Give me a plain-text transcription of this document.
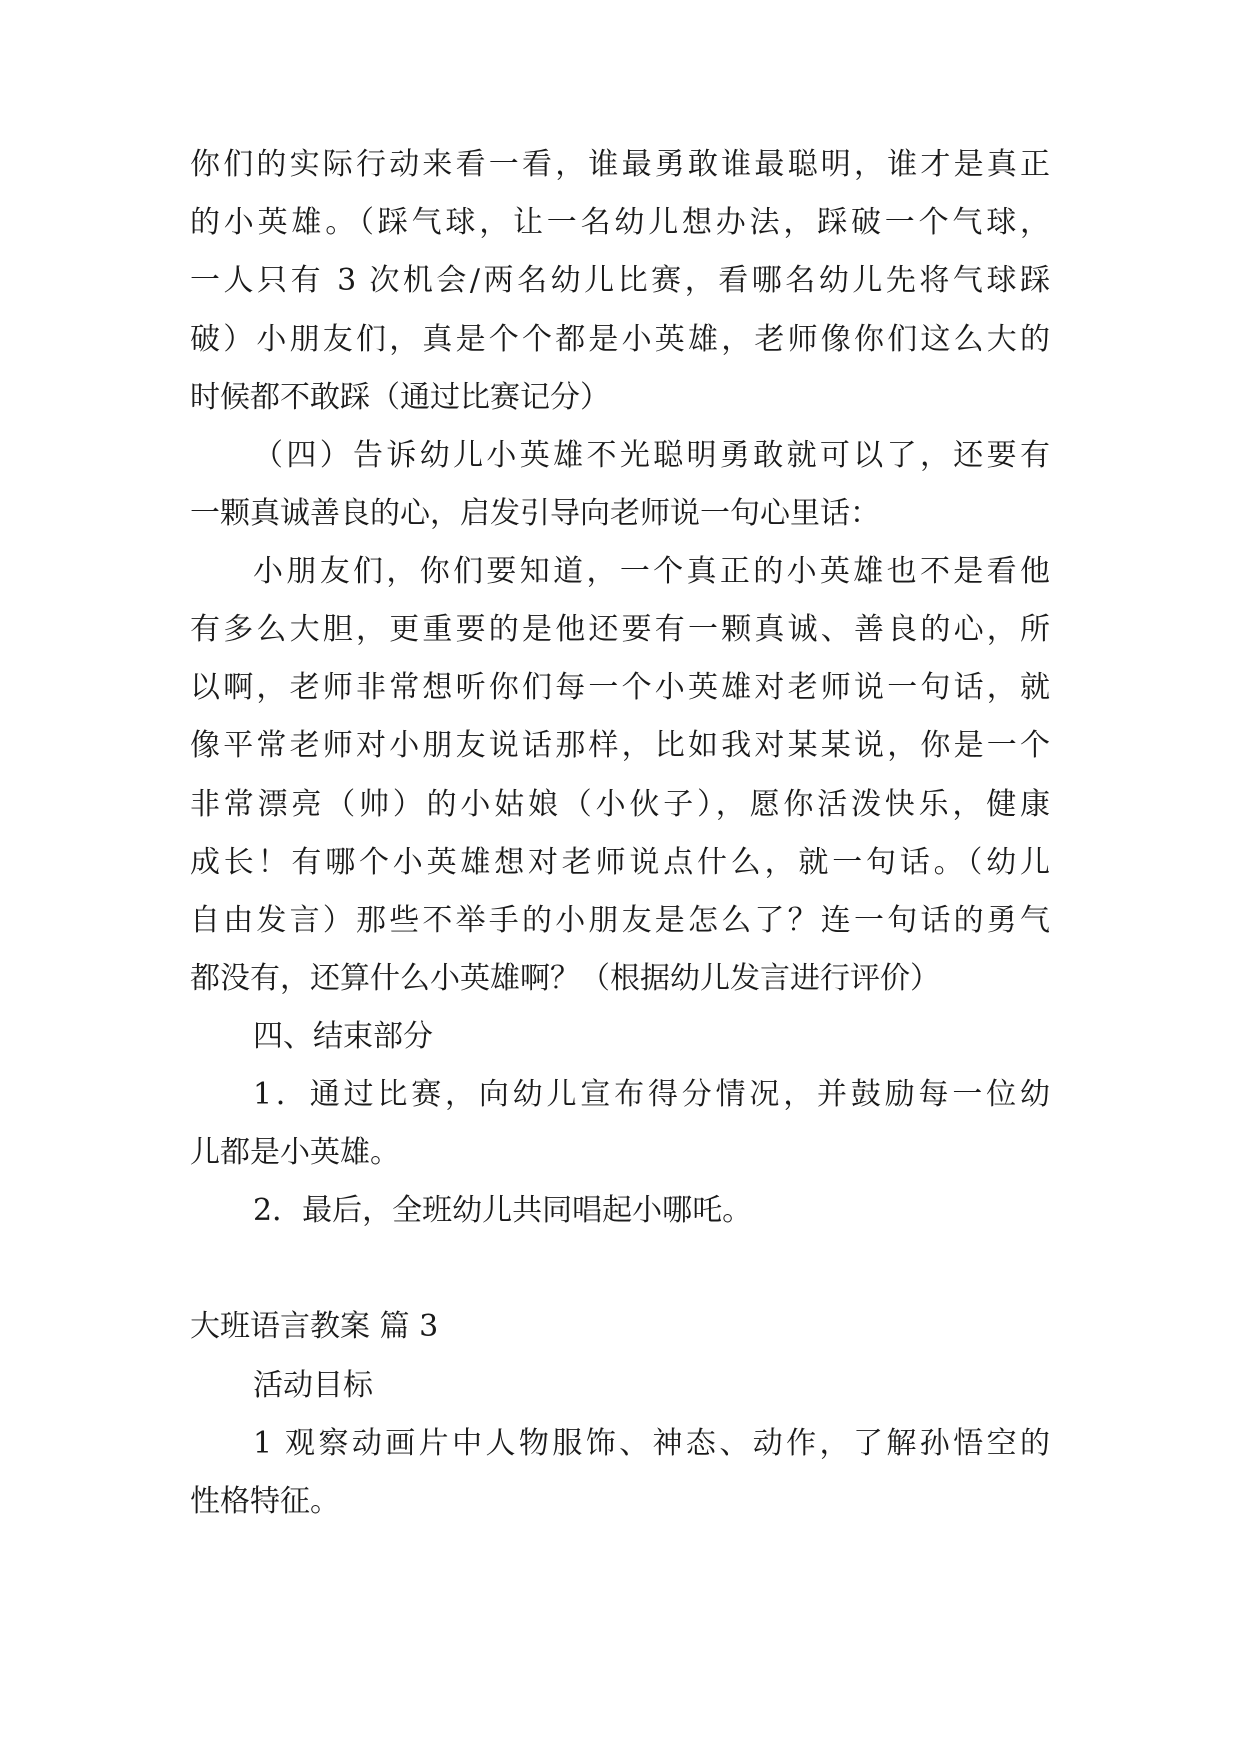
你们的实际行动来看一看，谁最勇敢谁最聪明，谁才是真正
的小英雄。（踩气球，让一名幼儿想办法，踩破一个气球，
一人只有 3 次机会/两名幼儿比赛，看哪名幼儿先将气球踩
破）小朋友们，真是个个都是小英雄，老师像你们这么大的
时候都不敢踩（通过比赛记分）
（四）告诉幼儿小英雄不光聪明勇敢就可以了，还要有
一颗真诚善良的心，启发引导向老师说一句心里话：
小朋友们，你们要知道，一个真正的小英雄也不是看他
有多么大胆，更重要的是他还要有一颗真诚、善良的心，所
以啊，老师非常想听你们每一个小英雄对老师说一句话，就
像平常老师对小朋友说话那样，比如我对某某说，你是一个
非常漂亮（帅）的小姑娘（小伙子），愿你活泼快乐，健康
成长！有哪个小英雄想对老师说点什么，就一句话。（幼儿
自由发言）那些不举手的小朋友是怎么了？连一句话的勇气
都没有，还算什么小英雄啊？（根据幼儿发言进行评价）
四、结束部分
1．通过比赛，向幼儿宣布得分情况，并鼓励每一位幼
儿都是小英雄。
2．最后，全班幼儿共同唱起小哪吒。
大班语言教案 篇 3
活动目标
1 观察动画片中人物服饰、神态、动作，了解孙悟空的
性格特征。
